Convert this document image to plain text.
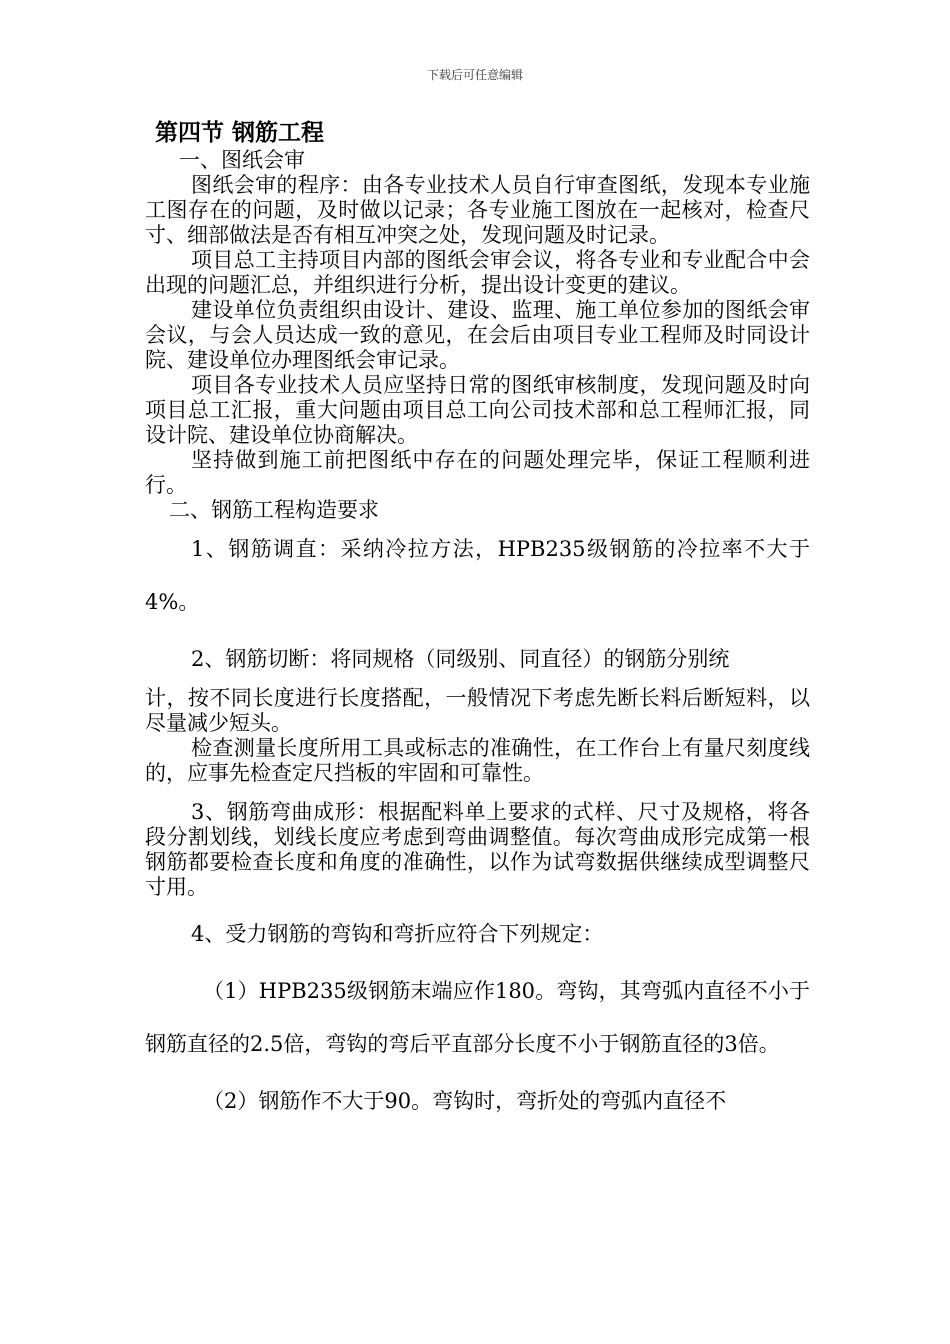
下载后可任意编辑
第四节 钢筋工程

一、图纸会审

图纸会审的程序：由各专业技术人员自行审查图纸，发现本专业施工图存在的问题，及时做以记录；各专业施工图放在一起核对，检查尺寸、细部做法是否有相互冲突之处，发现问题及时记录。

项目总工主持项目内部的图纸会审会议，将各专业和专业配合中会出现的问题汇总，并组织进行分析，提出设计变更的建议。

建设单位负责组织由设计、建设、监理、施工单位参加的图纸会审会议，与会人员达成一致的意见，在会后由项目专业工程师及时同设计院、建设单位办理图纸会审记录。

项目各专业技术人员应坚持日常的图纸审核制度，发现问题及时向项目总工汇报，重大问题由项目总工向公司技术部和总工程师汇报，同设计院、建设单位协商解决。

坚持做到施工前把图纸中存在的问题处理完毕，保证工程顺利进行。

二、钢筋工程构造要求

1、钢筋调直：采纳冷拉方法，HPB235级钢筋的冷拉率不大于4%。

2、钢筋切断：将同规格（同级别、同直径）的钢筋分别统

计，按不同长度进行长度搭配，一般情况下考虑先断长料后断短料，以尽量减少短头。

检查测量长度所用工具或标志的准确性，在工作台上有量尺刻度线的，应事先检查定尺挡板的牢固和可靠性。

3、钢筋弯曲成形：根据配料单上要求的式样、尺寸及规格，将各段分割划线，划线长度应考虑到弯曲调整值。每次弯曲成形完成第一根钢筋都要检查长度和角度的准确性，以作为试弯数据供继续成型调整尺寸用。

4、受力钢筋的弯钩和弯折应符合下列规定：

（1）HPB235级钢筋末端应作180。弯钩，其弯弧内直径不小于钢筋直径的2.5倍，弯钩的弯后平直部分长度不小于钢筋直径的3倍。

（2）钢筋作不大于90。弯钩时，弯折处的弯弧内直径不
